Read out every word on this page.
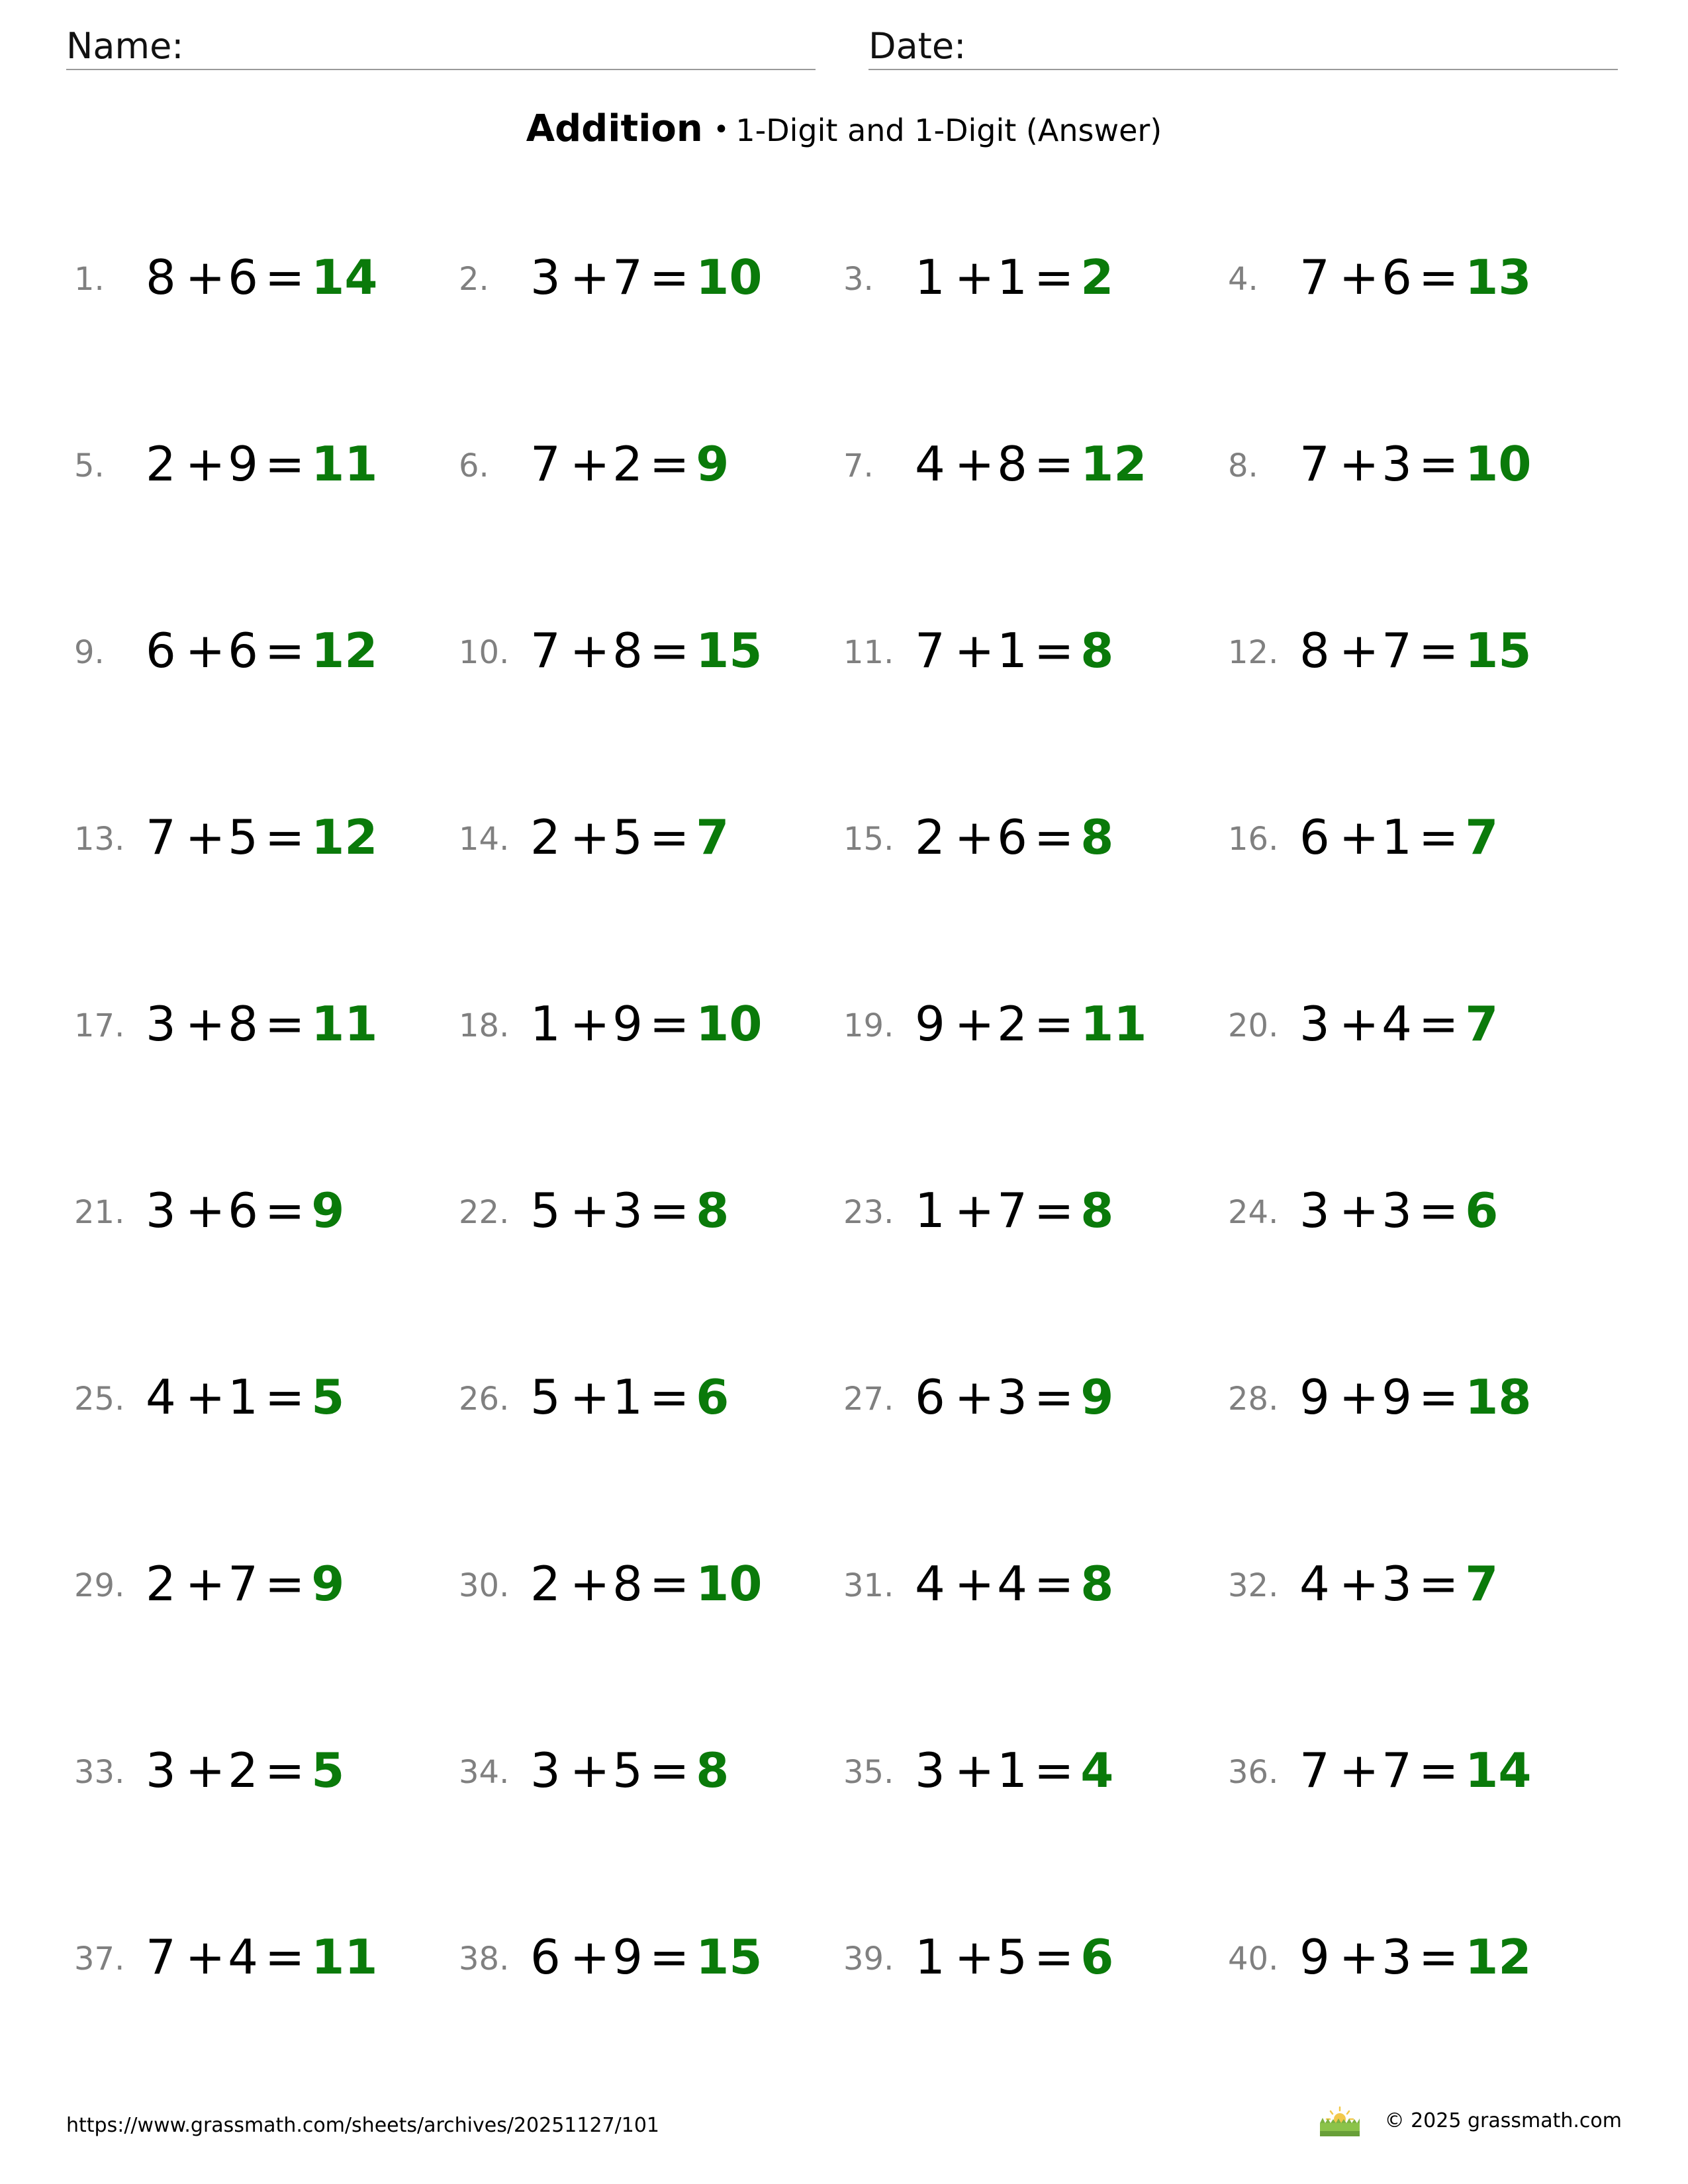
Name:	Date:
Addition • 1-Digit and 1-Digit (Answer)
1. 8 +6 = 14	2. 3 +7 = 10	3. 1 +1 = 2	4. 7 +6 = 13
5. 2 +9 = 11	6. 7 +2 = 9	7. 4 +8 = 12	8. 7 +3 = 10
9. 6 +6 = 12	10. 7 +8 = 15	11. 7 +1 = 8	12. 8 +7 = 15
13. 7 +5 = 12	14. 2 +5 = 7	15. 2 +6 = 8	16. 6 +1 = 7
17. 3 +8 = 11	18. 1 +9 = 10	19. 9 +2 = 11	20. 3 +4 = 7
21. 3 +6 = 9	22. 5 +3 = 8	23. 1 +7 = 8	24. 3 +3 = 6
25. 4 +1 = 5	26. 5 +1 = 6	27. 6 +3 = 9	28. 9 +9 = 18
29. 2 +7 = 9	30. 2 +8 = 10	31. 4 +4 = 8	32. 4 +3 = 7
33. 3 +2 = 5	34. 3 +5 = 8	35. 3 +1 = 4	36. 7 +7 = 14
37. 7 +4 = 11	38. 6 +9 = 15	39. 1 +5 = 6	40. 9 +3 = 12
https://www.grassmath.com/sheets/archives/20251127/101	© 2025 grassmath.com
